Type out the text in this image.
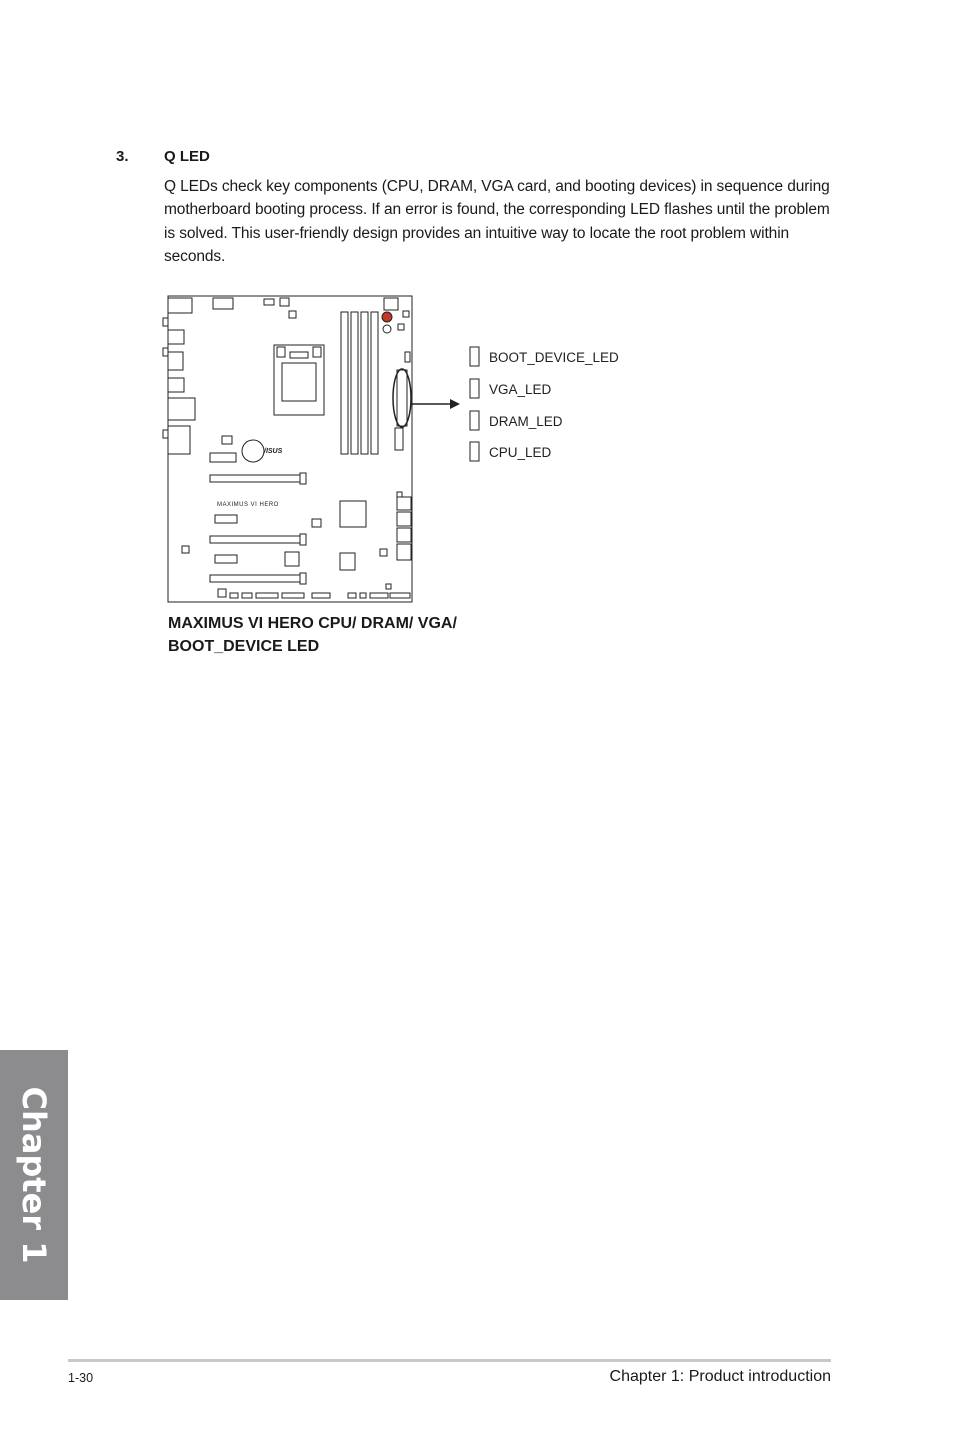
3. Q LED
Q LEDs check key components (CPU, DRAM, VGA card, and booting devices) in sequence during motherboard booting process. If an error is found, the corresponding LED flashes until the problem is solved. This user-friendly design provides an intuitive way to locate the root problem within seconds.
/ISUS
MAXIMUS VI HERO
BOOT_DEVICE_LED
VGA_LED
DRAM_LED
CPU_LED
MAXIMUS VI HERO CPU/ DRAM/ VGA/ BOOT_DEVICE LED
Chapter 1
1-30	Chapter 1: Product introduction
